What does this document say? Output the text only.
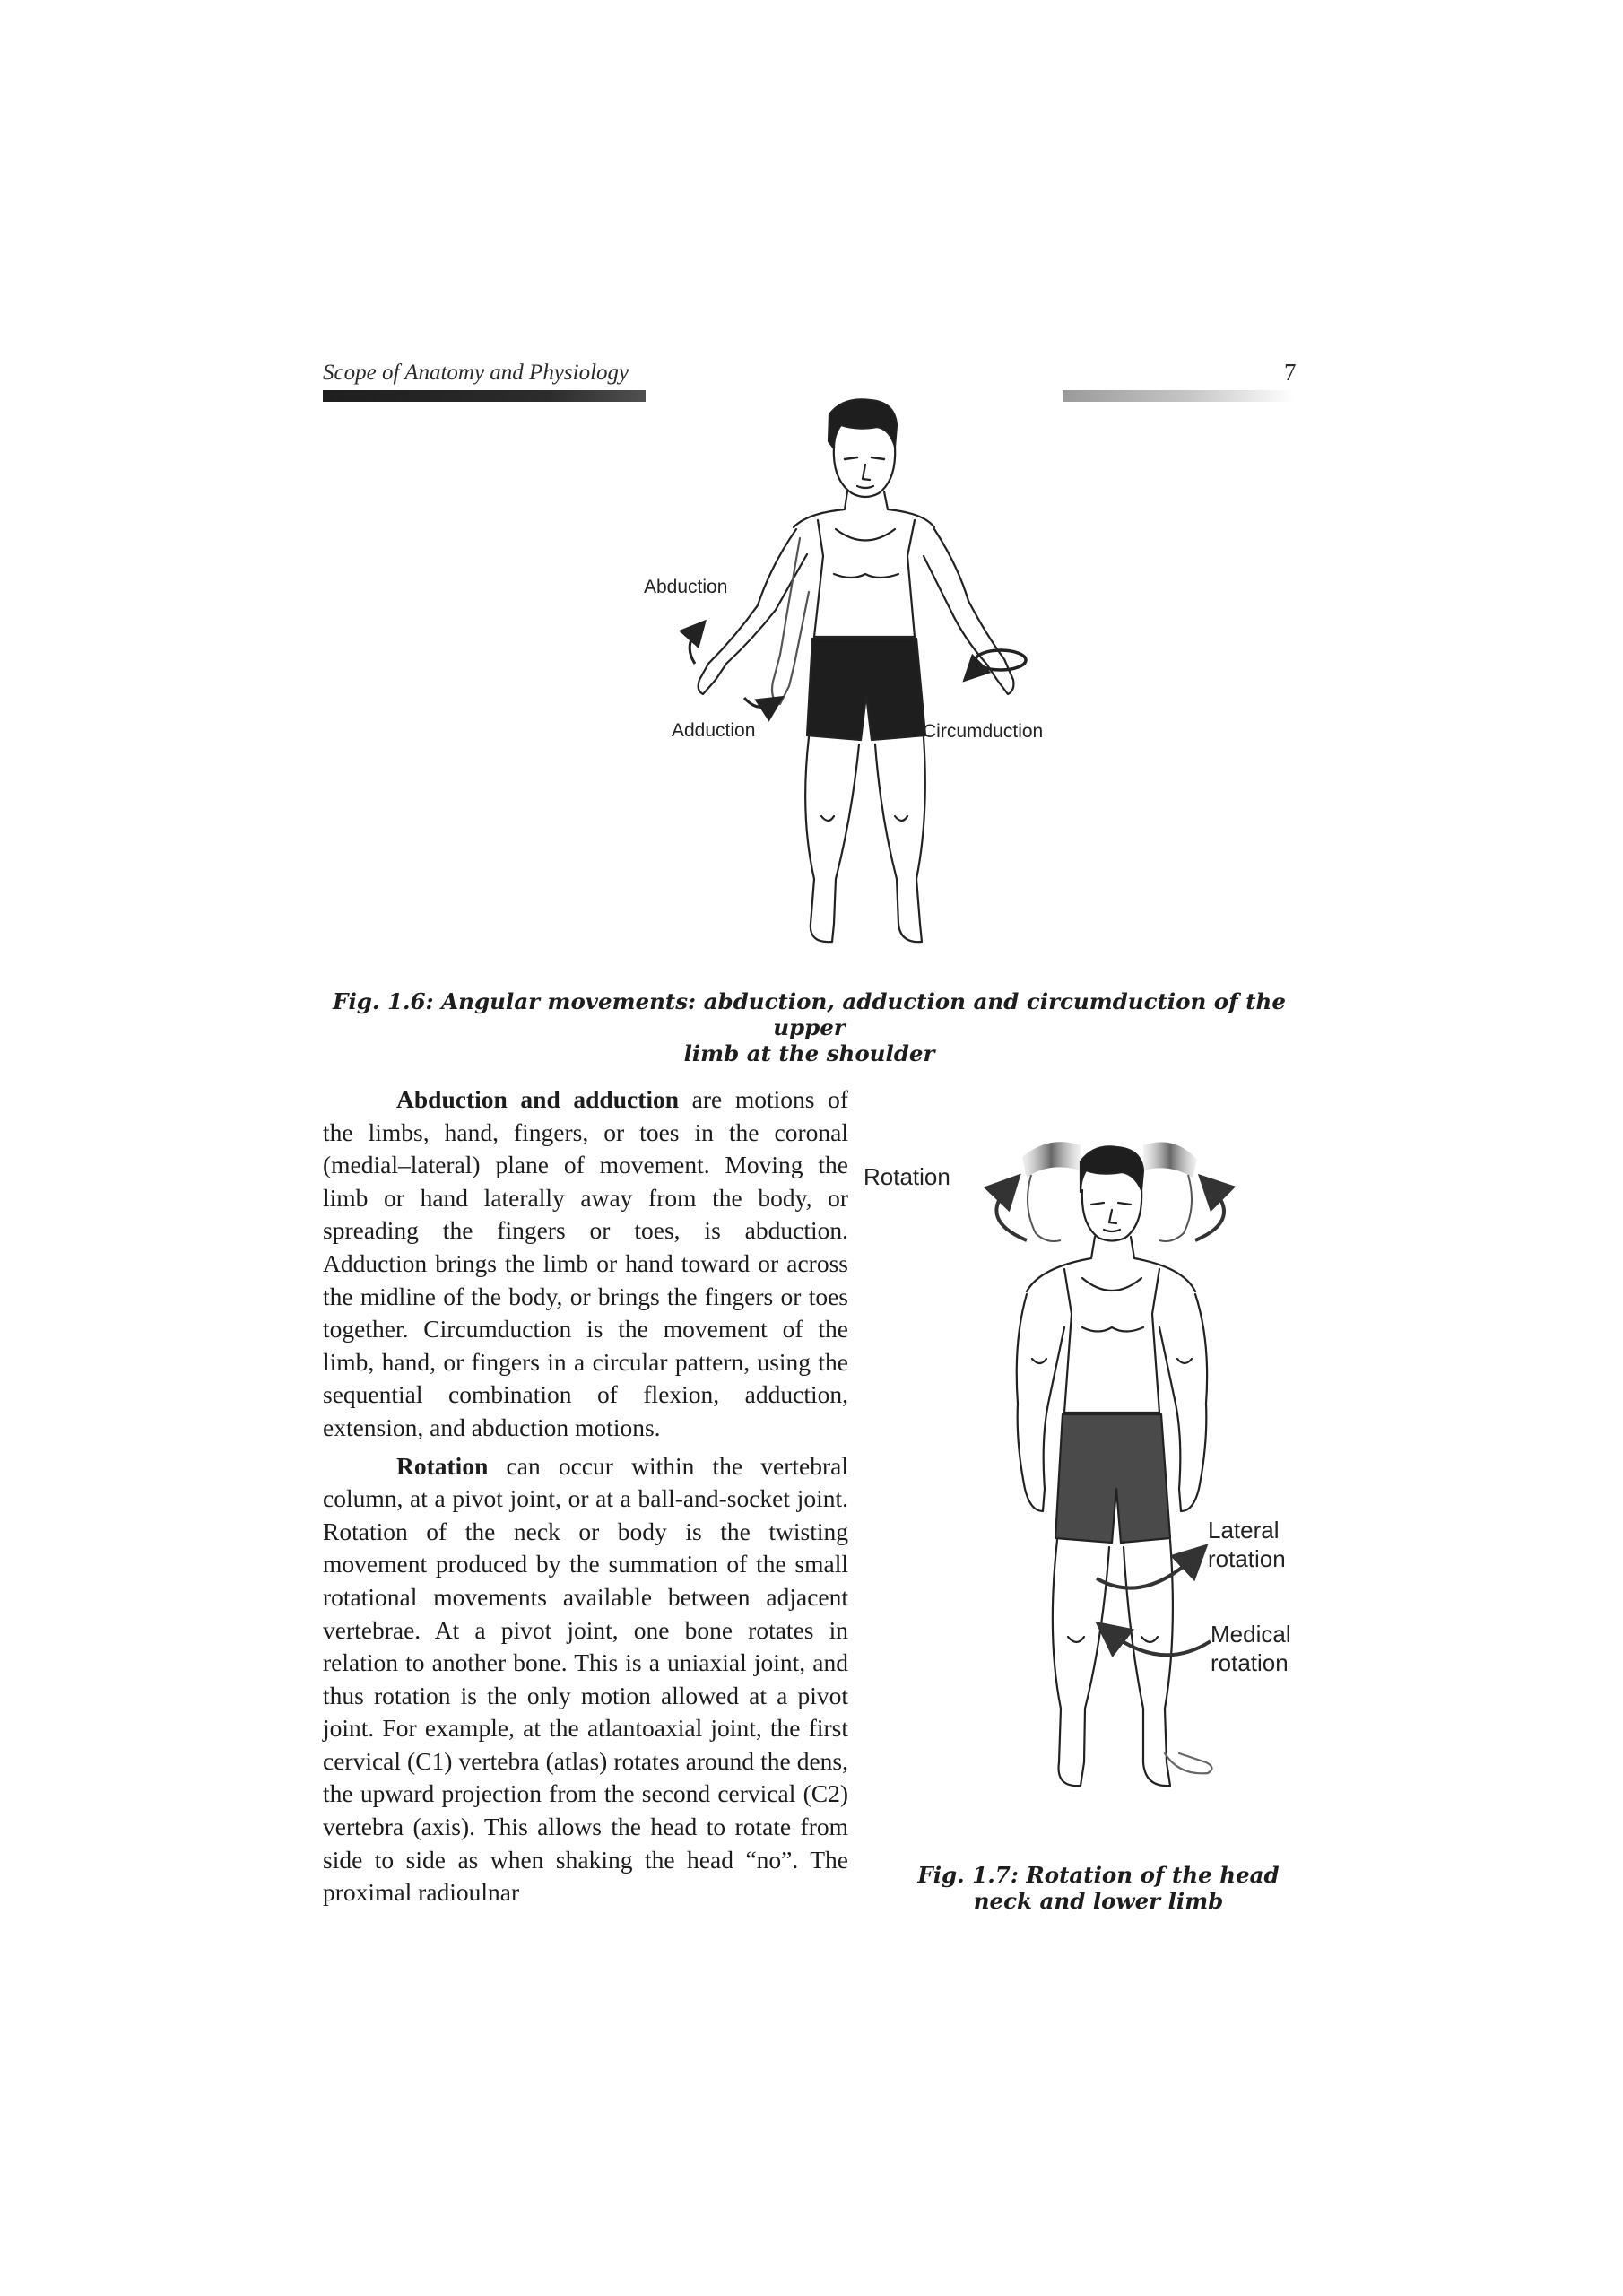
Scope of Anatomy and Physiology	7
Abduction
Adduction	Circumduction
Fig. 1.6: Angular movements: abduction, adduction and circumduction of the upper
limb at the shoulder

Abduction and adduction are motions of the limbs, hand, fingers, or toes in the coronal (medial–lateral) plane of movement. Moving the limb or hand laterally away from the body, or spreading the fingers or toes, is abduction. Adduction brings the limb or hand toward or across the midline of the body, or brings the fingers or toes together. Circumduction is the movement of the limb, hand, or fingers in a circular pattern, using the sequential combination of flexion, adduction, extension, and abduction motions.

Rotation can occur within the vertebral column, at a pivot joint, or at a ball-and-socket joint. Rotation of the neck or body is the twisting movement produced by the summation of the small rotational movements available between adjacent vertebrae. At a pivot joint, one bone rotates in relation to another bone. This is a uniaxial joint, and thus rotation is the only motion allowed at a pivot joint. For example, at the atlantoaxial joint, the first cervical (C1) vertebra (atlas) rotates around the dens, the upward projection from the second cervical (C2) vertebra (axis). This allows the head to rotate from side to side as when shaking the head “no”. The proximal radioulnar

Rotation
Lateral
rotation
Medical
rotation
Fig. 1.7: Rotation of the head
neck and lower limb
